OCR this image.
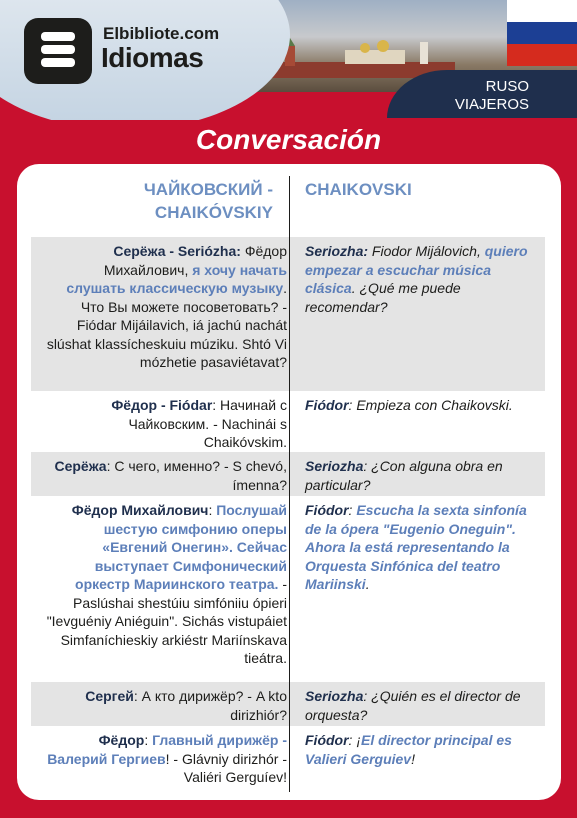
Elbibliote.com
Idiomas
RUSO
VIAJEROS
Conversación
ЧАЙКОВСКИЙ -
CHAIKÓVSKIY
CHAIKOVSKI
Серёжа - Seriózha: Фёдор Михайлович, я хочу начать слушать классическую музыку. Что Вы можете посоветовать? - Fiódar Mijáilavich, iá jachú nachát slúshat klassícheskuiu múziku. Shtó Vi mózhetie pasaviétavat?
Seriozha: Fiodor Mijálovich, quiero empezar a escuchar música clásica. ¿Qué me puede recomendar?
Фёдор - Fiódar: Начинай с Чайковским. - Nachinái s Chaikóvskim.
Fiódor: Empieza con Chaikovski.
Серёжа: С чего, именно? - S chevó, ímenna?
Seriozha: ¿Con alguna obra en particular?
Фёдор Михайлович: Послушай шестую симфонию оперы «Евгений Онегин». Сейчас выступает Симфонический оркестр Мариинского театра. - Paslúshai shestúiu simfóniiu ópieri "Ievguéniy Aniéguin". Sichás vistupáiet Simfaníchieskiy arkiéstr Mariínskava tieátra.
Fiódor: Escucha la sexta sinfonía de la ópera "Eugenio Oneguin". Ahora la está representando la Orquesta Sinfónica del teatro Mariinski.
Сергей: А кто дирижёр? - A kto dirizhiór?
Seriozha: ¿Quién es el director de orquesta?
Фёдор: Главный дирижёр - Валерий Гергиев! - Glávniy dirizhór - Valiéri Gerguíev!
Fiódor: ¡El director principal es Valieri Gerguiev!
